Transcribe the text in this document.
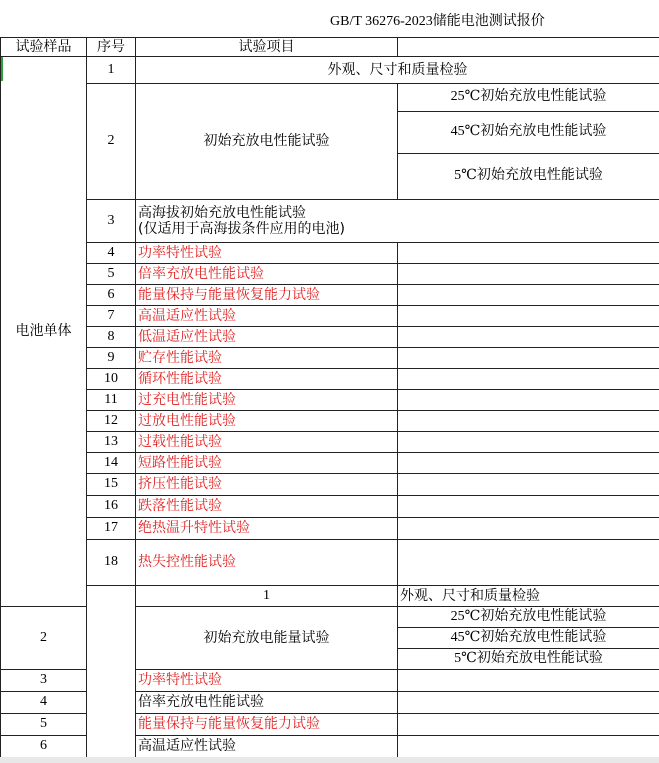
GB/T 36276-2023储能电池测试报价
试验样品	序号	试验项目		
电池单体	1	外观、尺寸和质量检验		
	2	初始充放电性能试验	25℃初始充放电性能试验	
			45℃初始充放电性能试验	
			5℃初始充放电性能试验	
	3	高海拔初始充放电性能试验
(仅适用于高海拔条件应用的电池)		

	4	功率特性试验		
	5	倍率充放电性能试验		
	6	能量保持与能量恢复能力试验		
	7	高温适应性试验		
	8	低温适应性试验		
	9	贮存性能试验		
	10	循环性能试验		
	11	过充电性能试验		
	12	过放电性能试验		
	13	过载性能试验		
	14	短路性能试验		
	15	挤压性能试验		
	16	跌落性能试验		
	17	绝热温升特性试验		
	18	热失控性能试验		
		1	外观、尺寸和质量检验	
2		初始充放电能量试验	25℃初始充放电性能试验	
			45℃初始充放电性能试验	
			5℃初始充放电性能试验	
3		功率特性试验		
4		倍率充放电性能试验		
5		能量保持与能量恢复能力试验		
6		高温适应性试验		
